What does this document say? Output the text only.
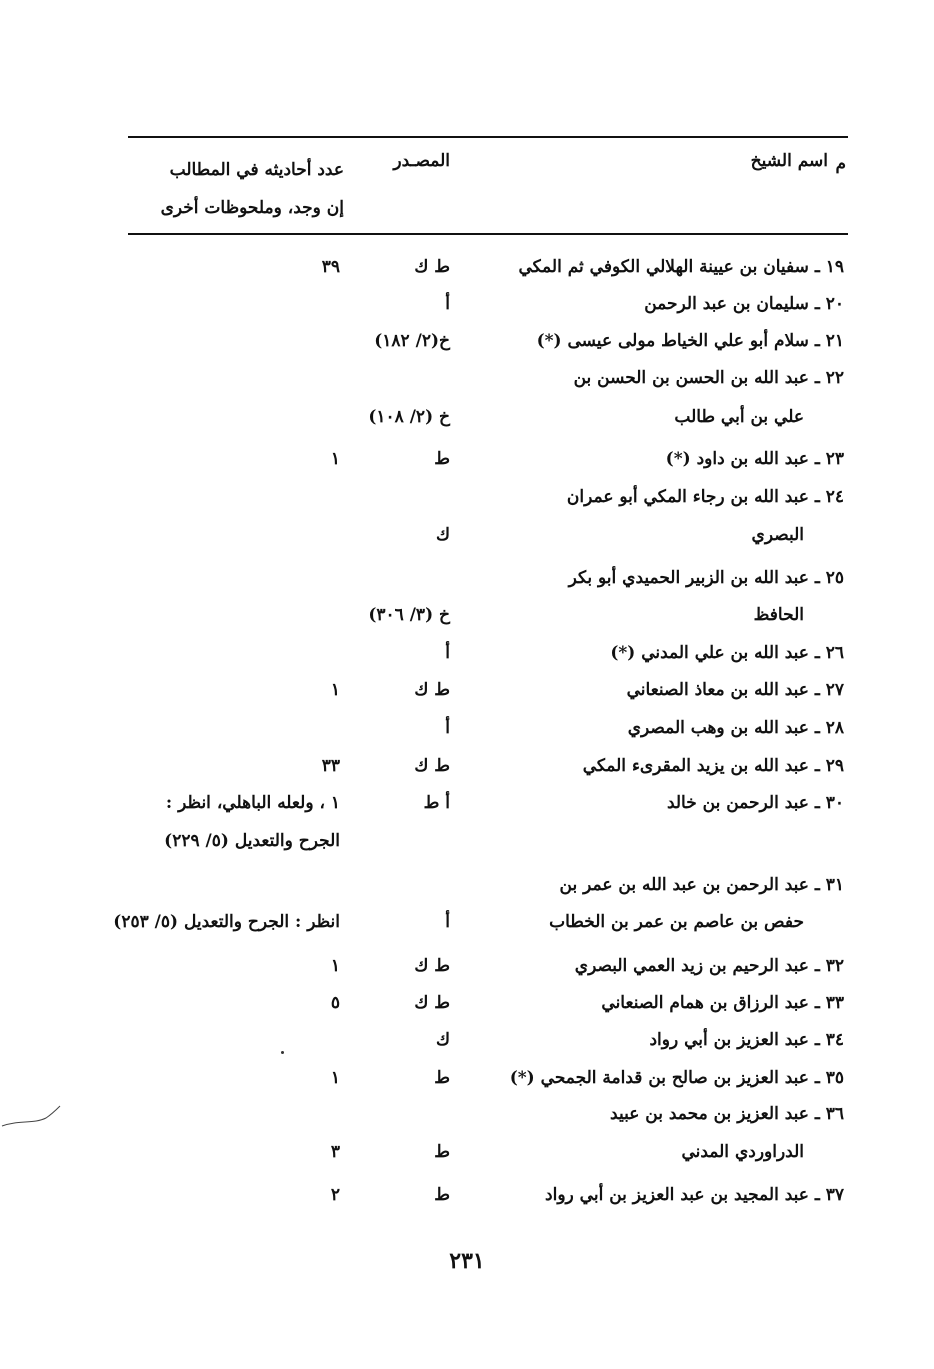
م
اسم الشيخ
المصـدر
عدد أحاديثه في المطالب
إن وجد، وملحوظات أخرى
١٩ ـ سفيان بن عيينة الهلالي الكوفي ثم المكي
ط ك
٣٩
٢٠ ـ سليمان بن عبد الرحمن
أ
٢١ ـ سلام أبو علي الخياط مولى عيسى (*)
خ(٢/ ١٨٢)
٢٢ ـ عبد الله بن الحسن بن الحسن بن
علي بن أبي طالب
خ (٢/ ١٠٨)
٢٣ ـ عبد الله بن داود (*)
ط
١
٢٤ ـ عبد الله بن رجاء المكي أبو عمران
البصري
ك
٢٥ ـ عبد الله بن الزبير الحميدي أبو بكر
الحافظ
خ (٣/ ٣٠٦)
٢٦ ـ عبد الله بن علي المدني (*)
أ
٢٧ ـ عبد الله بن معاذ الصنعاني
ط ك
١
٢٨ ـ عبد الله بن وهب المصري
أ
٢٩ ـ عبد الله بن يزيد المقرىء المكي
ط ك
٣٣
٣٠ ـ عبد الرحمن بن خالد
أ ط
١ ، ولعله الباهلي، انظر :
الجرح والتعديل (٥/ ٢٢٩)
٣١ ـ عبد الرحمن بن عبد الله بن عمر بن
حفص بن عاصم بن عمر بن الخطاب
أ
انظر : الجرح والتعديل (٥/ ٢٥٣)
٣٢ ـ عبد الرحيم بن زيد العمي البصري
ط ك
١
٣٣ ـ عبد الرزاق بن همام الصنعاني
ط ك
٥
٣٤ ـ عبد العزيز بن أبي رواد
ك
٣٥ ـ عبد العزيز بن صالح بن قدامة الجمحي (*)
ط
١
٣٦ ـ عبد العزيز بن محمد بن عبيد
الدراوردي المدني
ط
٣
٣٧ ـ عبد المجيد بن عبد العزيز بن أبي رواد
ط
٢
٢٣١
